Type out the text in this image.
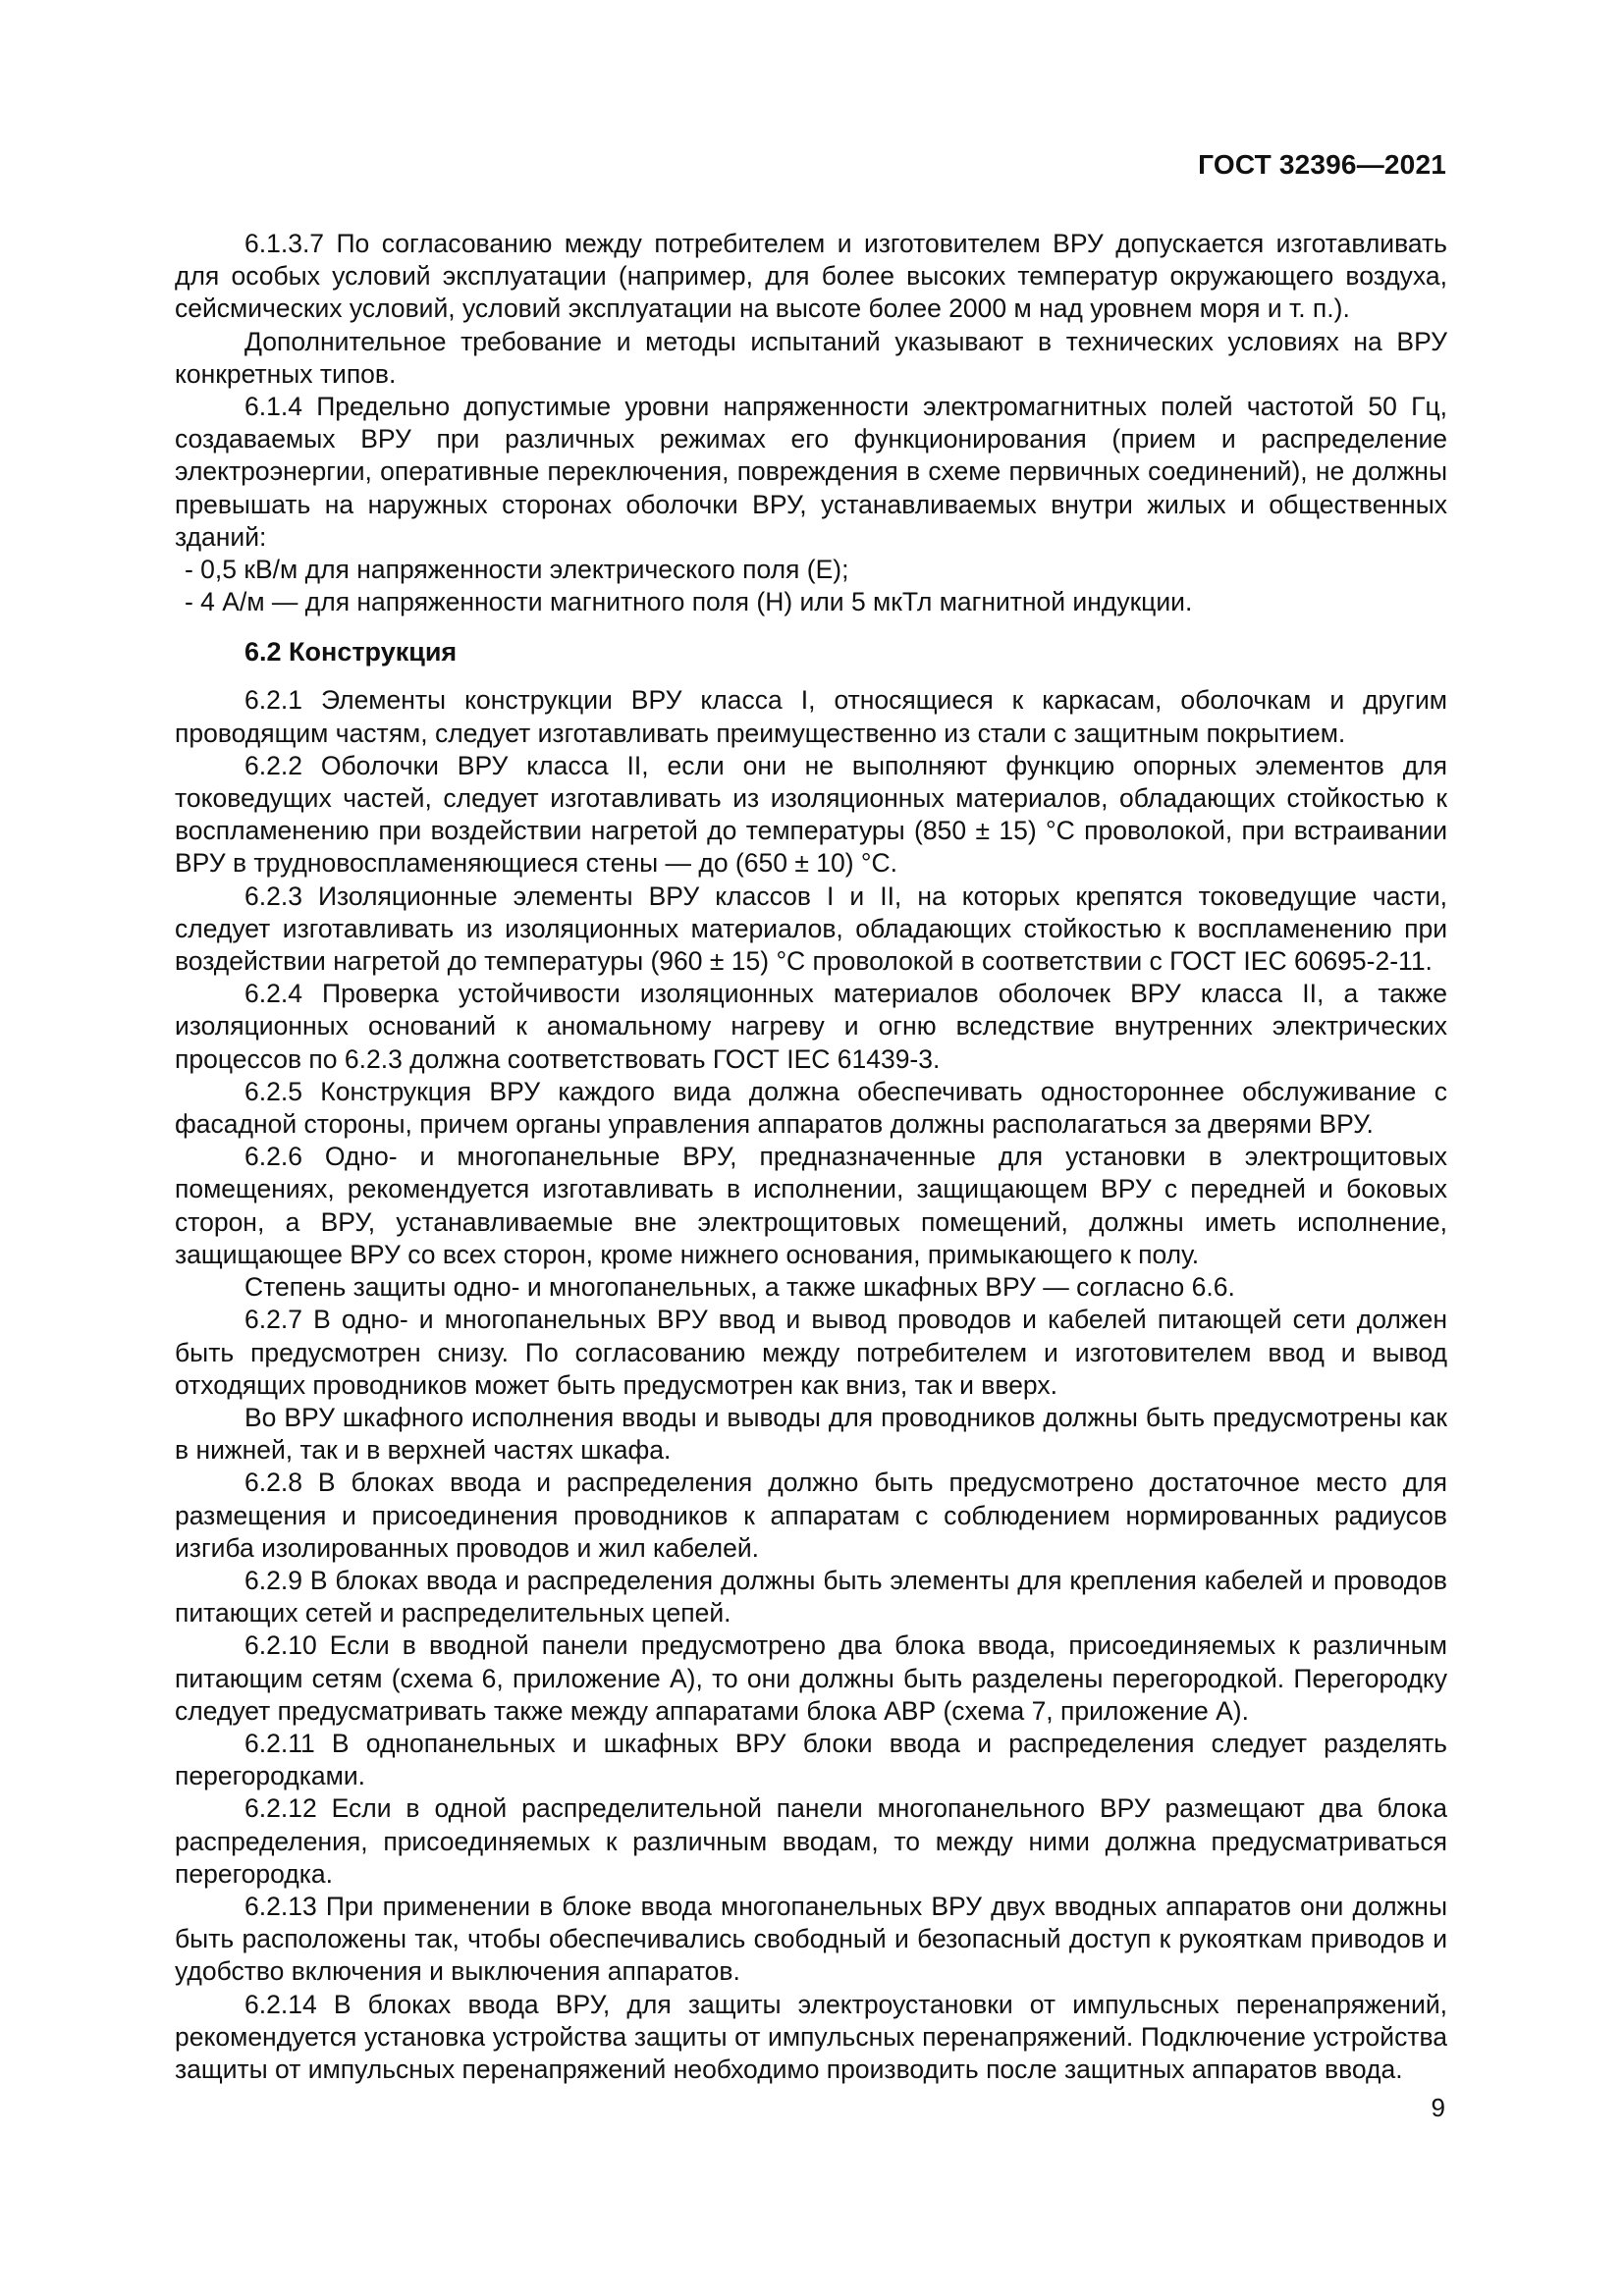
ГОСТ 32396—2021

6.1.3.7 По согласованию между потребителем и изготовителем ВРУ допускается изготавливать для особых условий эксплуатации (например, для более высоких температур окружающего воздуха, сейсмических условий, условий эксплуатации на высоте более 2000 м над уровнем моря и т. п.).

Дополнительное требование и методы испытаний указывают в технических условиях на ВРУ конкретных типов.

6.1.4 Предельно допустимые уровни напряженности электромагнитных полей частотой 50 Гц, создаваемых ВРУ при различных режимах его функционирования (прием и распределение электроэнергии, оперативные переключения, повреждения в схеме первичных соединений), не должны превышать на наружных сторонах оболочки ВРУ, устанавливаемых внутри жилых и общественных зданий:

- 0,5 кВ/м для напряженности электрического поля (Е);

- 4 А/м — для напряженности магнитного поля (Н) или 5 мкТл магнитной индукции.

6.2 Конструкция

6.2.1 Элементы конструкции ВРУ класса I, относящиеся к каркасам, оболочкам и другим проводящим частям, следует изготавливать преимущественно из стали с защитным покрытием.

6.2.2 Оболочки ВРУ класса II, если они не выполняют функцию опорных элементов для токоведущих частей, следует изготавливать из изоляционных материалов, обладающих стойкостью к воспламенению при воздействии нагретой до температуры (850 ± 15) °С проволокой, при встраивании ВРУ в трудновоспламеняющиеся стены — до (650 ± 10) °С.

6.2.3 Изоляционные элементы ВРУ классов I и II, на которых крепятся токоведущие части, следует изготавливать из изоляционных материалов, обладающих стойкостью к воспламенению при воздействии нагретой до температуры (960 ± 15) °С проволокой в соответствии с ГОСТ IEC 60695-2-11.

6.2.4 Проверка устойчивости изоляционных материалов оболочек ВРУ класса II, а также изоляционных оснований к аномальному нагреву и огню вследствие внутренних электрических процессов по 6.2.3 должна соответствовать ГОСТ IEC 61439-3.

6.2.5 Конструкция ВРУ каждого вида должна обеспечивать одностороннее обслуживание с фасадной стороны, причем органы управления аппаратов должны располагаться за дверями ВРУ.

6.2.6 Одно- и многопанельные ВРУ, предназначенные для установки в электрощитовых помещениях, рекомендуется изготавливать в исполнении, защищающем ВРУ с передней и боковых сторон, а ВРУ, устанавливаемые вне электрощитовых помещений, должны иметь исполнение, защищающее ВРУ со всех сторон, кроме нижнего основания, примыкающего к полу.

Степень защиты одно- и многопанельных, а также шкафных ВРУ — согласно 6.6.

6.2.7 В одно- и многопанельных ВРУ ввод и вывод проводов и кабелей питающей сети должен быть предусмотрен снизу. По согласованию между потребителем и изготовителем ввод и вывод отходящих проводников может быть предусмотрен как вниз, так и вверх.

Во ВРУ шкафного исполнения вводы и выводы для проводников должны быть предусмотрены как в нижней, так и в верхней частях шкафа.

6.2.8 В блоках ввода и распределения должно быть предусмотрено достаточное место для размещения и присоединения проводников к аппаратам с соблюдением нормированных радиусов изгиба изолированных проводов и жил кабелей.

6.2.9 В блоках ввода и распределения должны быть элементы для крепления кабелей и проводов питающих сетей и распределительных цепей.

6.2.10 Если в вводной панели предусмотрено два блока ввода, присоединяемых к различным питающим сетям (схема 6, приложение А), то они должны быть разделены перегородкой. Перегородку следует предусматривать также между аппаратами блока АВР (схема 7, приложение А).

6.2.11 В однопанельных и шкафных ВРУ блоки ввода и распределения следует разделять перегородками.

6.2.12 Если в одной распределительной панели многопанельного ВРУ размещают два блока распределения, присоединяемых к различным вводам, то между ними должна предусматриваться перегородка.

6.2.13 При применении в блоке ввода многопанельных ВРУ двух вводных аппаратов они должны быть расположены так, чтобы обеспечивались свободный и безопасный доступ к рукояткам приводов и удобство включения и выключения аппаратов.

6.2.14 В блоках ввода ВРУ, для защиты электроустановки от импульсных перенапряжений, рекомендуется установка устройства защиты от импульсных перенапряжений. Подключение устройства защиты от импульсных перенапряжений необходимо производить после защитных аппаратов ввода.

9
